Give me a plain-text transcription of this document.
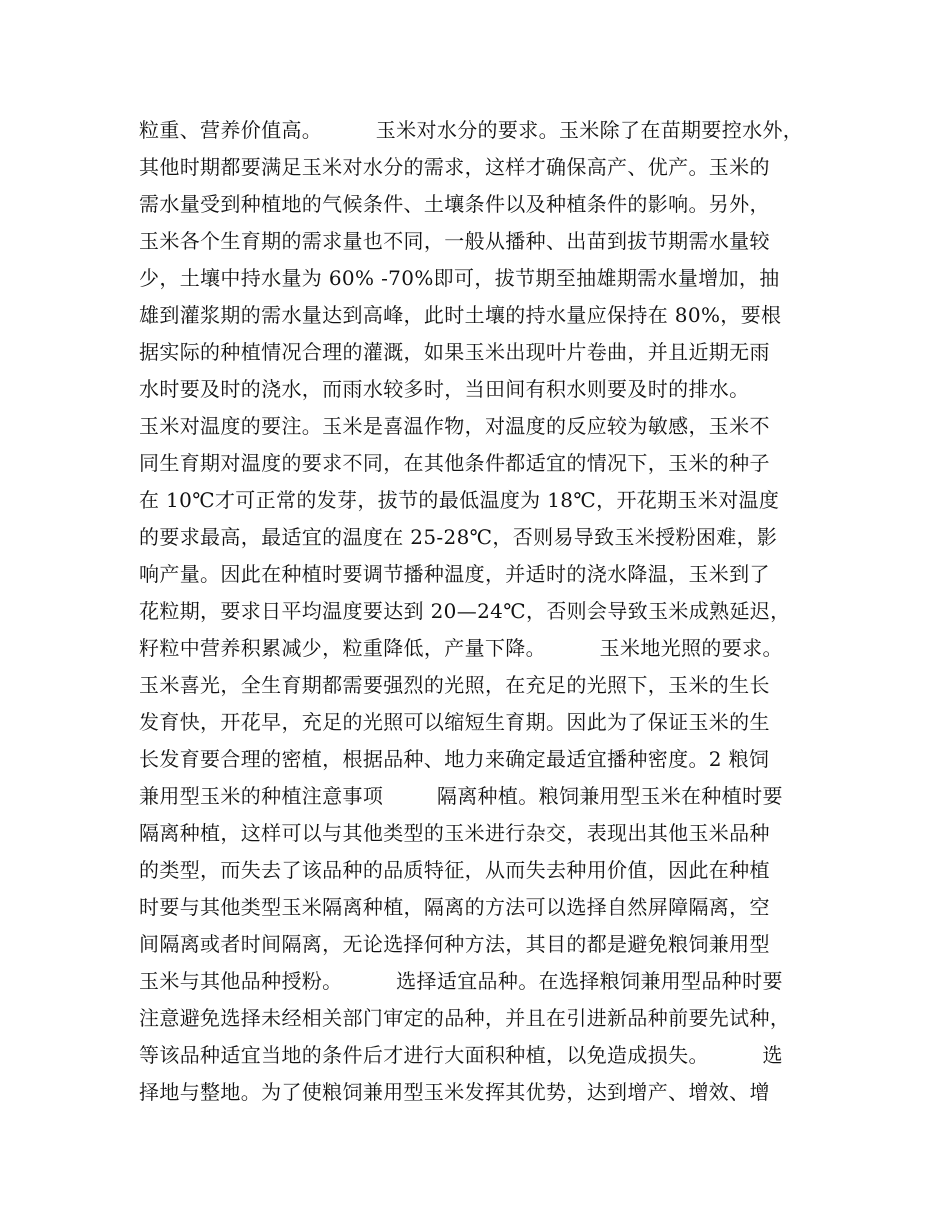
粒重、营养价值高。        玉米对水分的要求。玉米除了在苗期要控水外，
其他时期都要满足玉米对水分的需求，这样才确保高产、优产。玉米的
需水量受到种植地的气候条件、土壤条件以及种植条件的影响。另外，
玉米各个生育期的需求量也不同，一般从播种、出苗到拔节期需水量较
少，土壤中持水量为 60% -70%即可，拔节期至抽雄期需水量增加，抽
雄到灌浆期的需水量达到高峰，此时土壤的持水量应保持在 80%，要根
据实际的种植情况合理的灌溉，如果玉米出现叶片卷曲，并且近期无雨
水时要及时的浇水，而雨水较多时，当田间有积水则要及时的排水。
玉米对温度的要注。玉米是喜温作物，对温度的反应较为敏感，玉米不
同生育期对温度的要求不同，在其他条件都适宜的情况下，玉米的种子
在 10℃才可正常的发芽，拔节的最低温度为 18℃，开花期玉米对温度
的要求最高，最适宜的温度在 25-28℃，否则易导致玉米授粉困难，影
响产量。因此在种植时要调节播种温度，并适时的浇水降温，玉米到了
花粒期，要求日平均温度要达到 20—24℃，否则会导致玉米成熟延迟，
籽粒中营养积累减少，粒重降低，产量下降。        玉米地光照的要求。
玉米喜光，全生育期都需要强烈的光照，在充足的光照下，玉米的生长
发育快，开花早，充足的光照可以缩短生育期。因此为了保证玉米的生
长发育要合理的密植，根据品种、地力来确定最适宜播种密度。2 粮饲
兼用型玉米的种植注意事项        隔离种植。粮饲兼用型玉米在种植时要
隔离种植，这样可以与其他类型的玉米进行杂交，表现出其他玉米品种
的类型，而失去了该品种的品质特征，从而失去种用价值，因此在种植
时要与其他类型玉米隔离种植，隔离的方法可以选择自然屏障隔离，空
间隔离或者时间隔离，无论选择何种方法，其目的都是避免粮饲兼用型
玉米与其他品种授粉。        选择适宜品种。在选择粮饲兼用型品种时要
注意避免选择未经相关部门审定的品种，并且在引进新品种前要先试种，
等该品种适宜当地的条件后才进行大面积种植，以免造成损失。        选
择地与整地。为了使粮饲兼用型玉米发挥其优势，达到增产、增效、增
